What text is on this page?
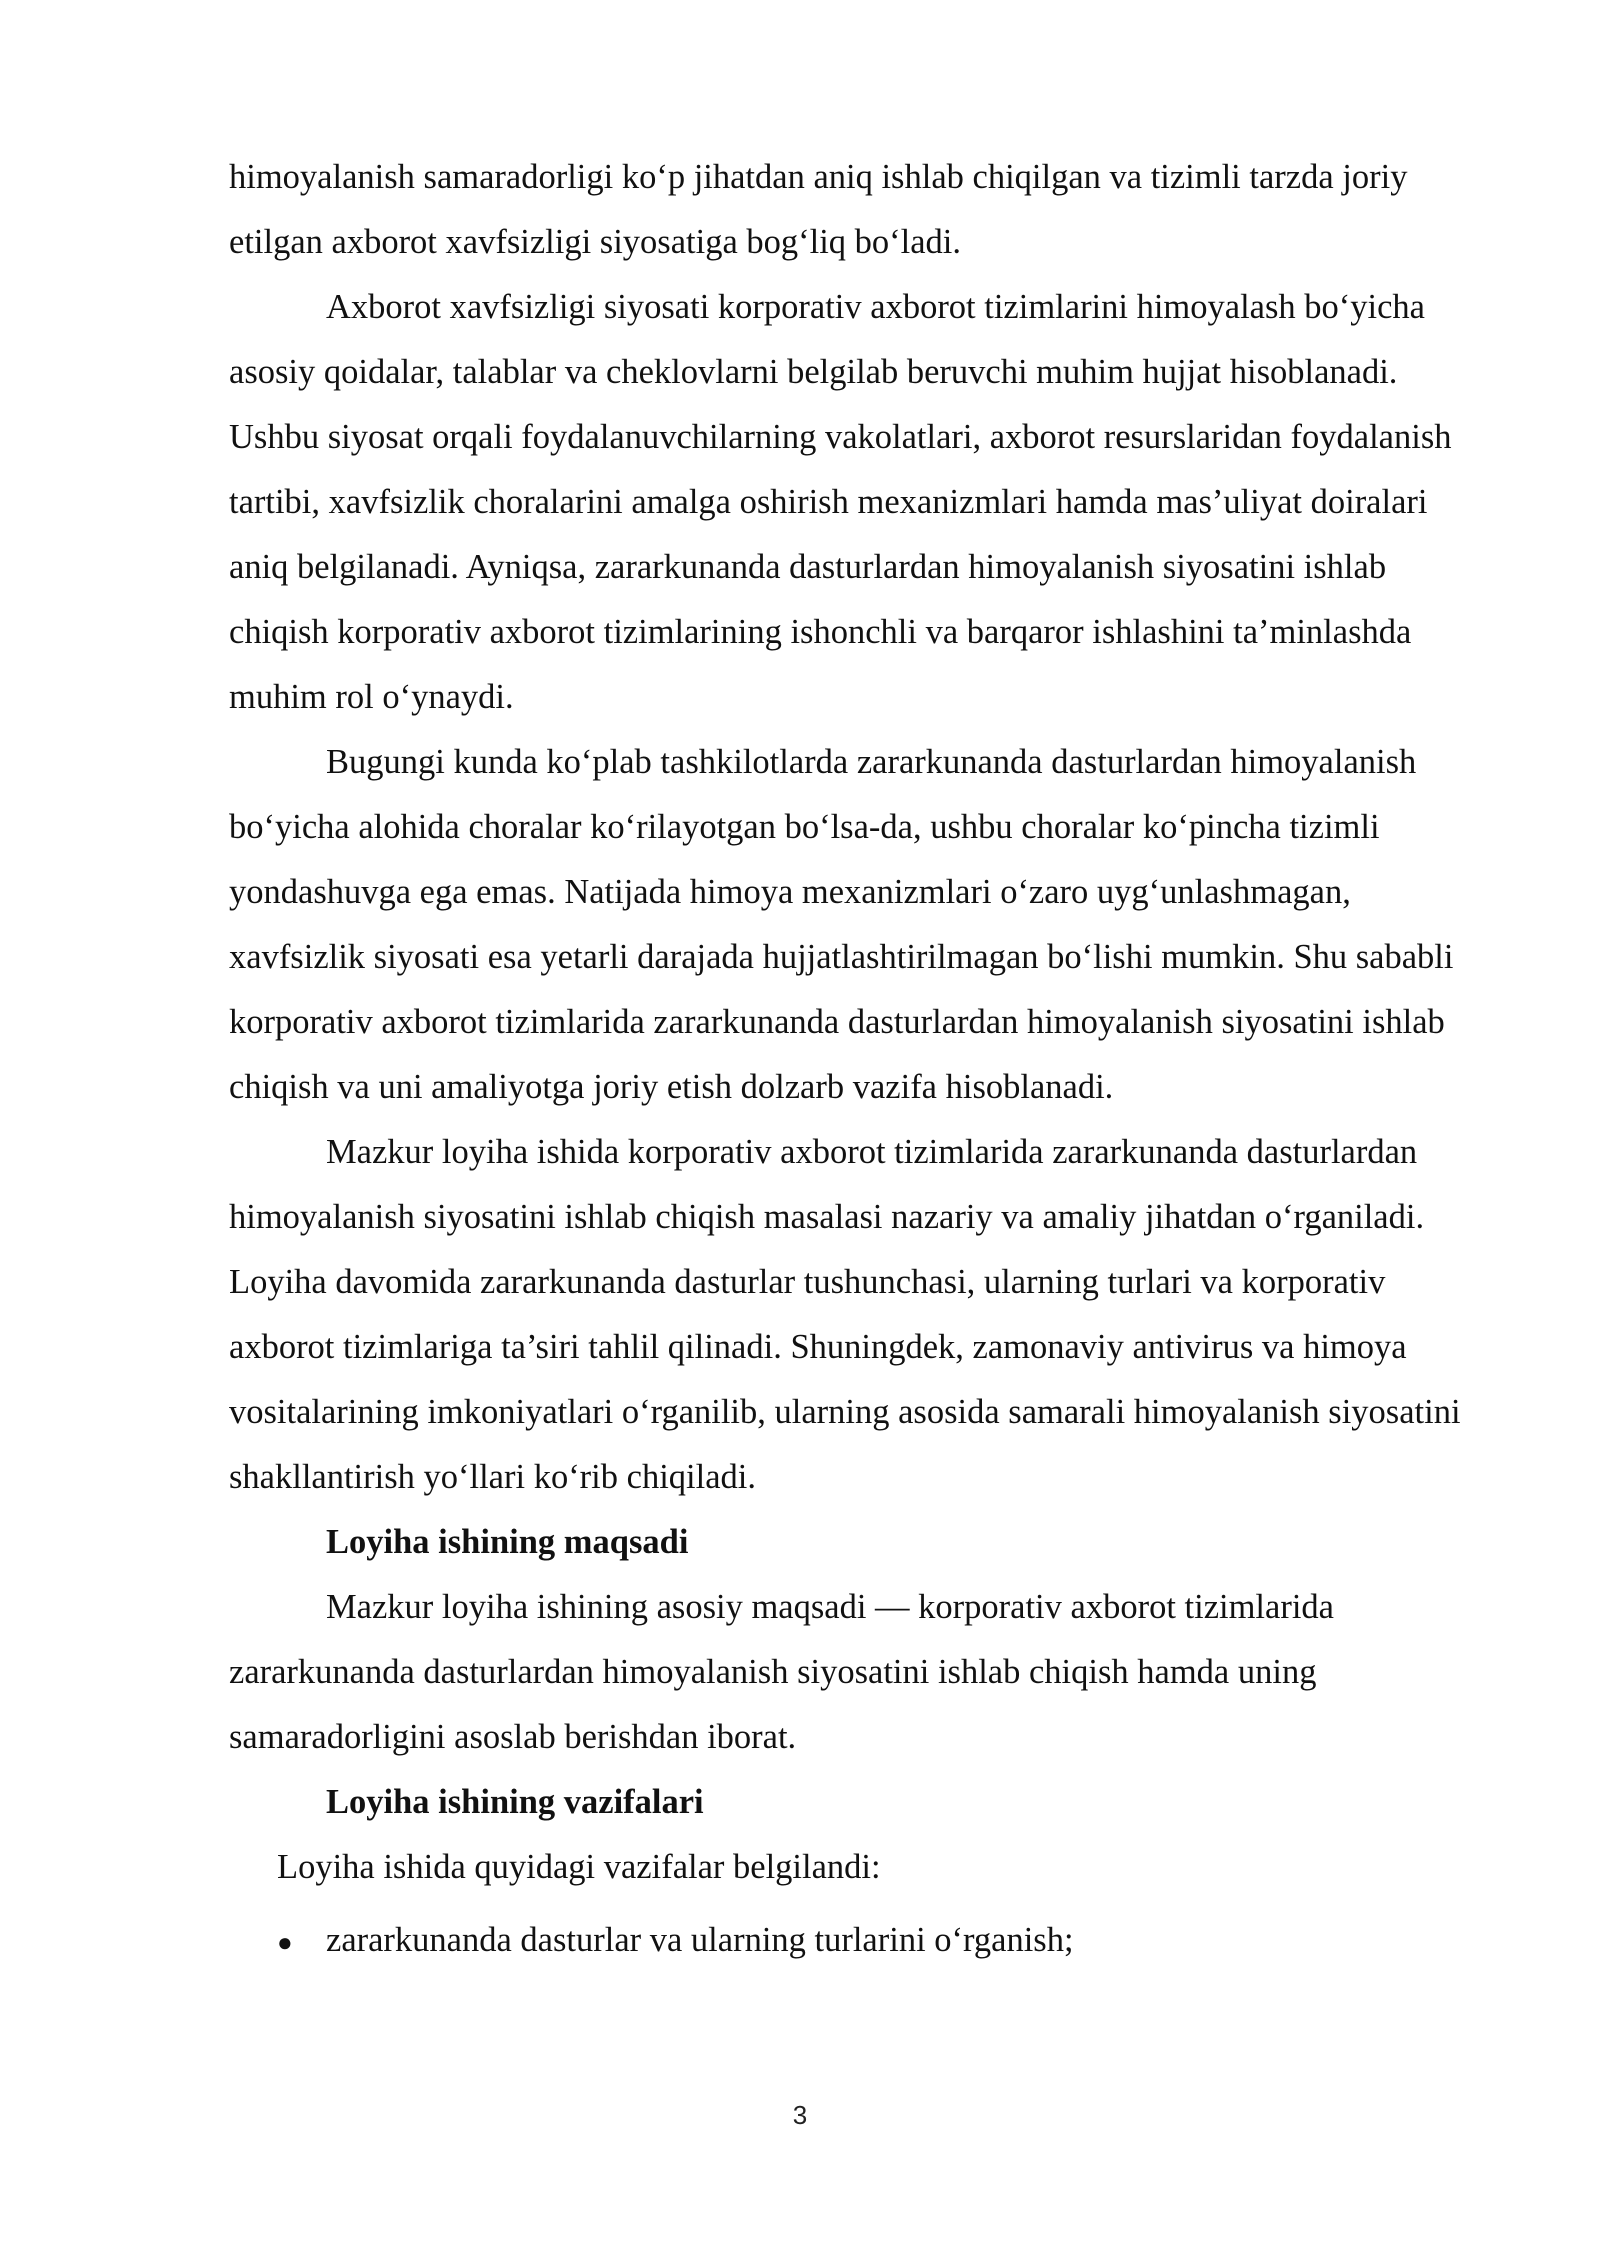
himoyalanish samaradorligi ko‘p jihatdan aniq ishlab chiqilgan va tizimli tarzda joriy etilgan axborot xavfsizligi siyosatiga bog‘liq bo‘ladi.

Axborot xavfsizligi siyosati korporativ axborot tizimlarini himoyalash bo‘yicha asosiy qoidalar, talablar va cheklovlarni belgilab beruvchi muhim hujjat hisoblanadi. Ushbu siyosat orqali foydalanuvchilarning vakolatlari, axborot resurslaridan foydalanish tartibi, xavfsizlik choralarini amalga oshirish mexanizmlari hamda mas’uliyat doiralari aniq belgilanadi. Ayniqsa, zararkunanda dasturlardan himoyalanish siyosatini ishlab chiqish korporativ axborot tizimlarining ishonchli va barqaror ishlashini ta’minlashda muhim rol o‘ynaydi.

Bugungi kunda ko‘plab tashkilotlarda zararkunanda dasturlardan himoyalanish bo‘yicha alohida choralar ko‘rilayotgan bo‘lsa-da, ushbu choralar ko‘pincha tizimli yondashuvga ega emas. Natijada himoya mexanizmlari o‘zaro uyg‘unlashmagan, xavfsizlik siyosati esa yetarli darajada hujjatlashtirilmagan bo‘lishi mumkin. Shu sababli korporativ axborot tizimlarida zararkunanda dasturlardan himoyalanish siyosatini ishlab chiqish va uni amaliyotga joriy etish dolzarb vazifa hisoblanadi.

Mazkur loyiha ishida korporativ axborot tizimlarida zararkunanda dasturlardan himoyalanish siyosatini ishlab chiqish masalasi nazariy va amaliy jihatdan o‘rganiladi. Loyiha davomida zararkunanda dasturlar tushunchasi, ularning turlari va korporativ axborot tizimlariga ta’siri tahlil qilinadi. Shuningdek, zamonaviy antivirus va himoya vositalarining imkoniyatlari o‘rganilib, ularning asosida samarali himoyalanish siyosatini shakllantirish yo‘llari ko‘rib chiqiladi.

Loyiha ishining maqsadi

Mazkur loyiha ishining asosiy maqsadi — korporativ axborot tizimlarida zararkunanda dasturlardan himoyalanish siyosatini ishlab chiqish hamda uning samaradorligini asoslab berishdan iborat.

Loyiha ishining vazifalari

Loyiha ishida quyidagi vazifalar belgilandi:

● zararkunanda dasturlar va ularning turlarini o‘rganish;
3
